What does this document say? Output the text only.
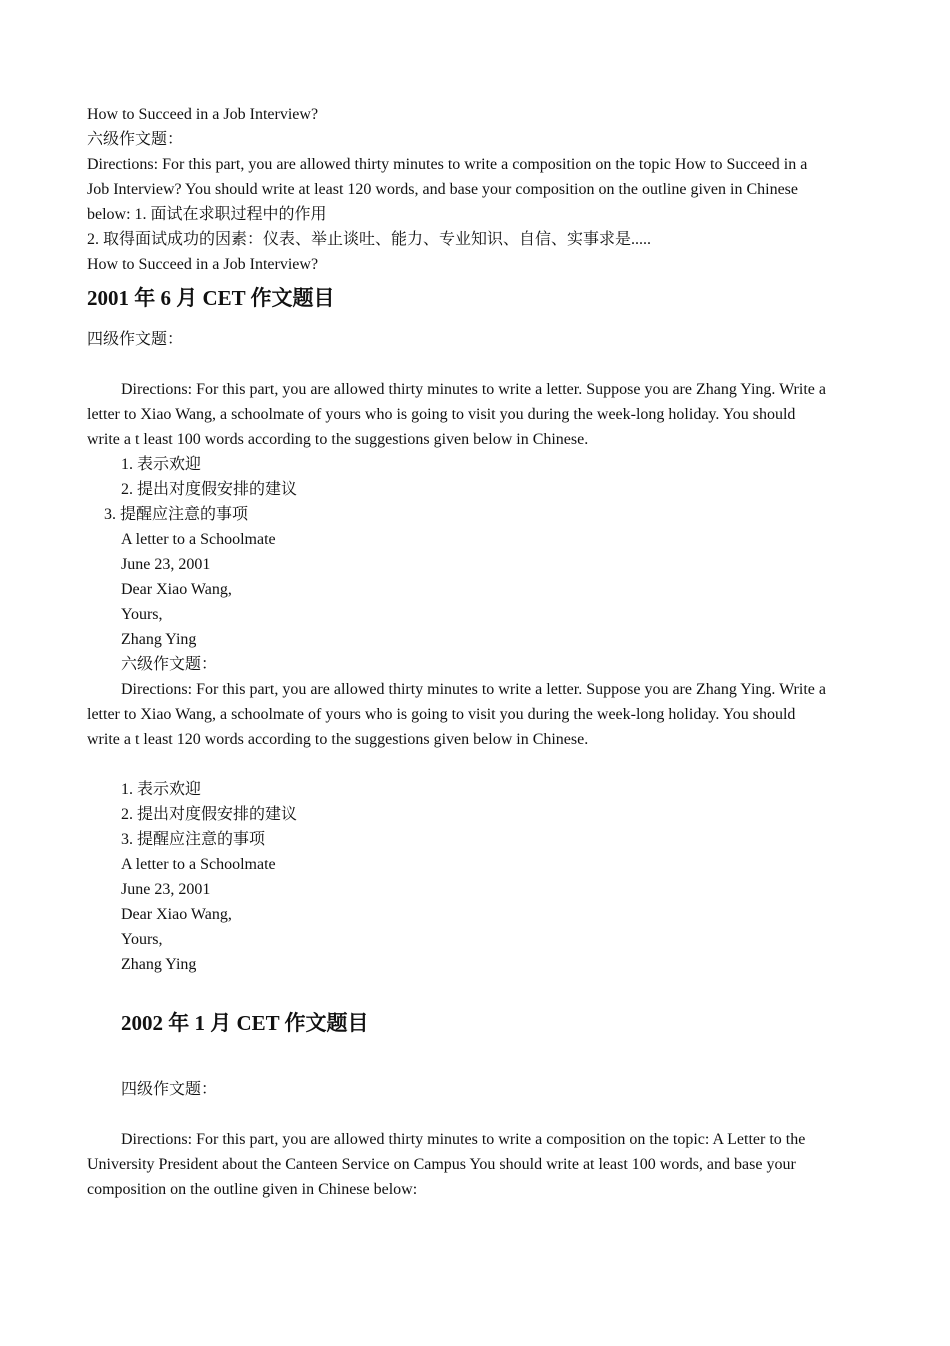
How to Succeed in a Job Interview?
六级作文题：
Directions: For this part, you are allowed thirty minutes to write a composition on the topic How to Succeed in a
Job Interview? You should write at least 120 words, and base your composition on the outline given in Chinese
below: 1. 面试在求职过程中的作用
2. 取得面试成功的因素：仪表、举止谈吐、能力、专业知识、自信、实事求是.....
How to Succeed in a Job Interview?
2001 年 6 月 CET 作文题目
四级作文题：
Directions: For this part, you are allowed thirty minutes to write a letter. Suppose you are Zhang Ying. Write a
letter to Xiao Wang, a schoolmate of yours who is going to visit you during the week-long holiday. You should
write a t least 100 words according to the suggestions given below in Chinese.
1. 表示欢迎
2. 提出对度假安排的建议
3. 提醒应注意的事项
A letter to a Schoolmate
June 23, 2001
Dear Xiao Wang,
Yours,
Zhang Ying
六级作文题：
Directions: For this part, you are allowed thirty minutes to write a letter. Suppose you are Zhang Ying. Write a
letter to Xiao Wang, a schoolmate of yours who is going to visit you during the week-long holiday. You should
write a t least 120 words according to the suggestions given below in Chinese.
1. 表示欢迎
2. 提出对度假安排的建议
3. 提醒应注意的事项
A letter to a Schoolmate
June 23, 2001
Dear Xiao Wang,
Yours,
Zhang Ying
2002 年 1 月 CET 作文题目
四级作文题：
Directions: For this part, you are allowed thirty minutes to write a composition on the topic: A Letter to the
University President about the Canteen Service on Campus You should write at least 100 words, and base your
composition on the outline given in Chinese below:
